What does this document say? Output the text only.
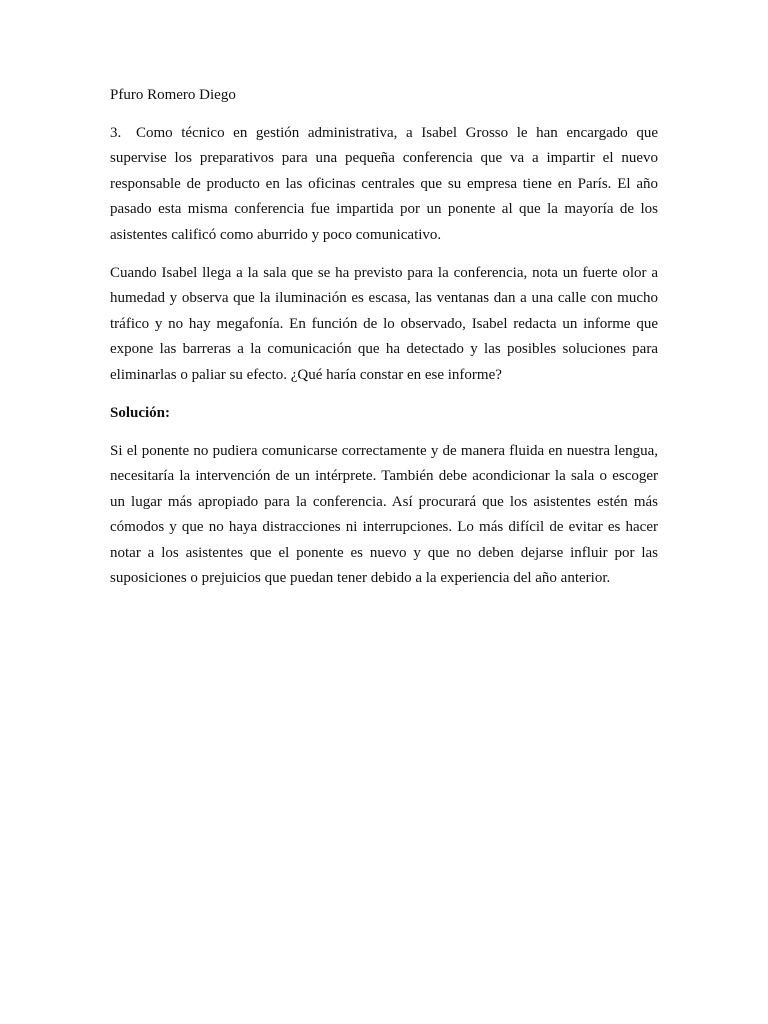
Pfuro Romero Diego

3. Como técnico en gestión administrativa, a Isabel Grosso le han encargado que supervise los preparativos para una pequeña conferencia que va a impartir el nuevo responsable de producto en las oficinas centrales que su empresa tiene en París. El año pasado esta misma conferencia fue impartida por un ponente al que la mayoría de los asistentes calificó como aburrido y poco comunicativo.

Cuando Isabel llega a la sala que se ha previsto para la conferencia, nota un fuerte olor a humedad y observa que la iluminación es escasa, las ventanas dan a una calle con mucho tráfico y no hay megafonía. En función de lo observado, Isabel redacta un informe que expone las barreras a la comunicación que ha detectado y las posibles soluciones para eliminarlas o paliar su efecto. ¿Qué haría constar en ese informe?

Solución:

Si el ponente no pudiera comunicarse correctamente y de manera fluida en nuestra lengua, necesitaría la intervención de un intérprete. También debe acondicionar la sala o escoger un lugar más apropiado para la conferencia. Así procurará que los asistentes estén más cómodos y que no haya distracciones ni interrupciones. Lo más difícil de evitar es hacer notar a los asistentes que el ponente es nuevo y que no deben dejarse influir por las suposiciones o prejuicios que puedan tener debido a la experiencia del año anterior.
